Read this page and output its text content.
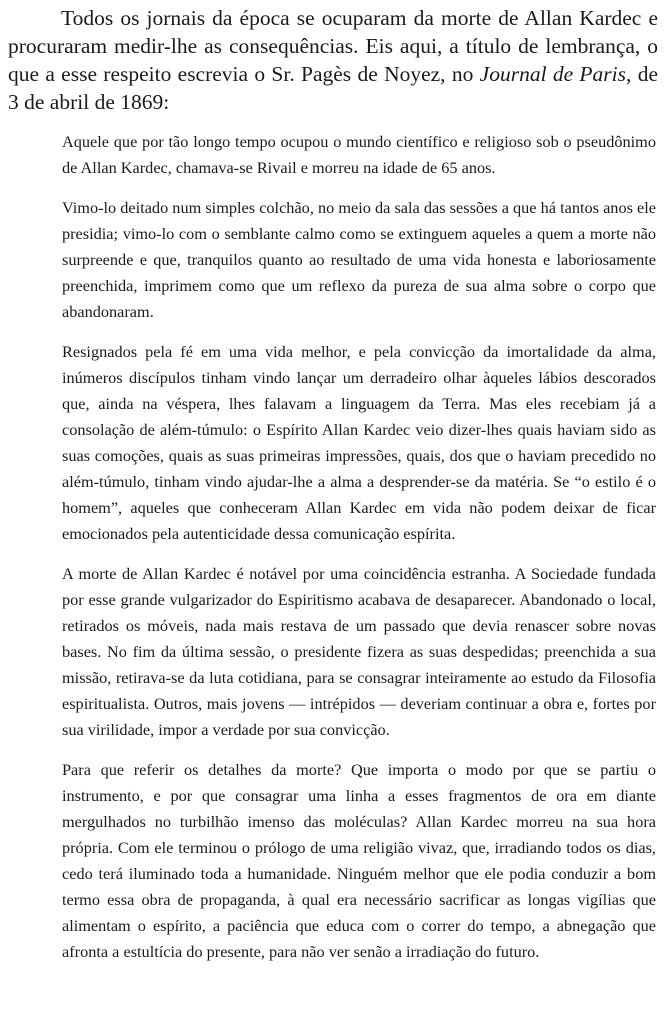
Todos os jornais da época se ocuparam da morte de Allan Kardec e procuraram medir-lhe as consequências. Eis aqui, a título de lembrança, o que a esse respeito escrevia o Sr. Pagès de Noyez, no Journal de Paris, de 3 de abril de 1869:

Aquele que por tão longo tempo ocupou o mundo científico e religioso sob o pseudônimo de Allan Kardec, chamava-se Rivail e morreu na idade de 65 anos.

Vimo-lo deitado num simples colchão, no meio da sala das sessões a que há tantos anos ele presidia; vimo-lo com o semblante calmo como se extinguem aqueles a quem a morte não surpreende e que, tranquilos quanto ao resultado de uma vida honesta e laboriosamente preenchida, imprimem como que um reflexo da pureza de sua alma sobre o corpo que abandonaram.

Resignados pela fé em uma vida melhor, e pela convicção da imortalidade da alma, inúmeros discípulos tinham vindo lançar um derradeiro olhar àqueles lábios descorados que, ainda na véspera, lhes falavam a linguagem da Terra. Mas eles recebiam já a consolação de além-túmulo: o Espírito Allan Kardec veio dizer-lhes quais haviam sido as suas comoções, quais as suas primeiras impressões, quais, dos que o haviam precedido no além-túmulo, tinham vindo ajudar-lhe a alma a desprender-se da matéria. Se “o estilo é o homem”, aqueles que conheceram Allan Kardec em vida não podem deixar de ficar emocionados pela autenticidade dessa comunicação espírita.

A morte de Allan Kardec é notável por uma coincidência estranha. A Sociedade fundada por esse grande vulgarizador do Espiritismo acabava de desaparecer. Abandonado o local, retirados os móveis, nada mais restava de um passado que devia renascer sobre novas bases. No fim da última sessão, o presidente fizera as suas despedidas; preenchida a sua missão, retirava-se da luta cotidiana, para se consagrar inteiramente ao estudo da Filosofia espiritualista. Outros, mais jovens — intrépidos — deveriam continuar a obra e, fortes por sua virilidade, impor a verdade por sua convicção.

Para que referir os detalhes da morte? Que importa o modo por que se partiu o instrumento, e por que consagrar uma linha a esses fragmentos de ora em diante mergulhados no turbilhão imenso das moléculas? Allan Kardec morreu na sua hora própria. Com ele terminou o prólogo de uma religião vivaz, que, irradiando todos os dias, cedo terá iluminado toda a humanidade. Ninguém melhor que ele podia conduzir a bom termo essa obra de propaganda, à qual era necessário sacrificar as longas vigílias que alimentam o espírito, a paciência que educa com o correr do tempo, a abnegação que afronta a estultícia do presente, para não ver senão a irradiação do futuro.
